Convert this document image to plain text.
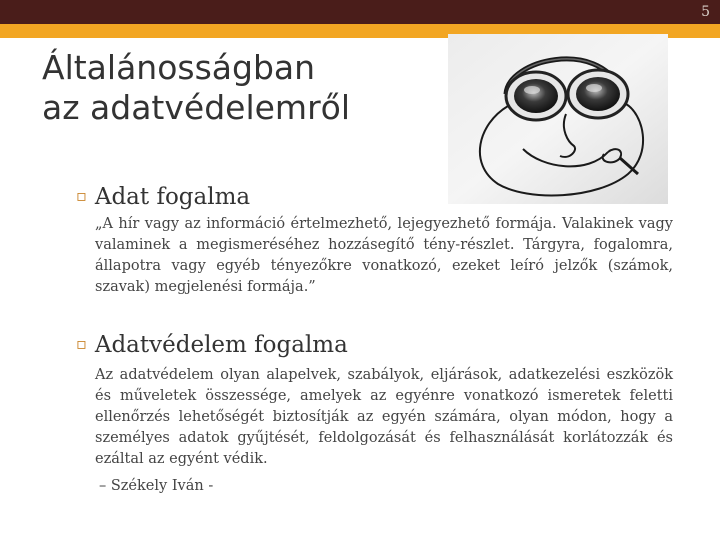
5
Általánosságban
az adatvédelemről
▫ Adat fogalma
„A hír vagy az információ értelmezhető, lejegyezhető formája. Valakinek vagy valaminek a megismeréséhez hozzásegítő tény-részlet. Tárgyra, fogalomra, állapotra vagy egyéb tényezőkre vonatkozó, ezeket leíró jelzők (számok, szavak) megjelenési formája.”
▫ Adatvédelem fogalma
Az adatvédelem olyan alapelvek, szabályok, eljárások, adatkezelési eszközök és műveletek összessége, amelyek az egyénre vonatkozó ismeretek feletti ellenőrzés lehetőségét biztosítják az egyén számára, olyan módon, hogy a személyes adatok gyűjtését, feldolgozását és felhasználását korlátozzák és ezáltal az egyént védik.
– Székely Iván -
